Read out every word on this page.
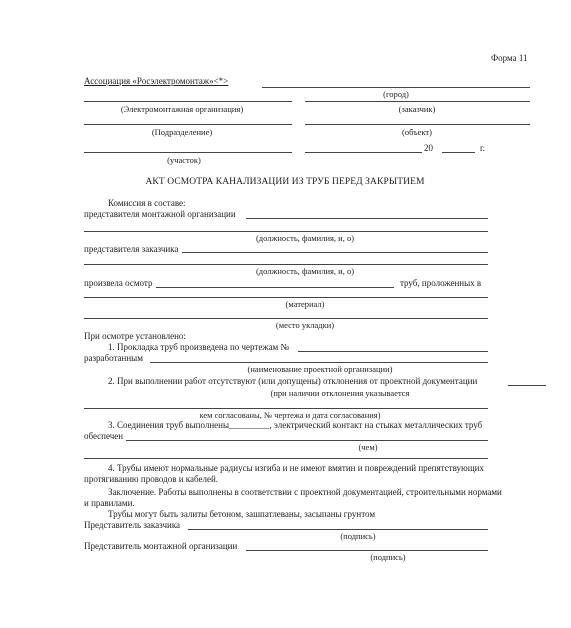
Форма 11
Ассоциация «Росэлектромонтаж»<*>
(город)
(Электромонтажная организация)	(заказчик)
(Подразделение)	(объект)
20	г.
(участок)
АКТ ОСМОТРА КАНАЛИЗАЦИИ ИЗ ТРУБ ПЕРЕД ЗАКРЫТИЕМ
Комиссия в составе:
представителя монтажной организации
(должность, фамилия, и, о)
представителя заказчика
(должность, фамилия, и, о)
произвела осмотр	труб, проложенных в
(материал)
(место укладки)
При осмотре установлено:
1. Прокладка труб произведена по чертежам №
разработанным
(наименование проектной организации)
2. При выполнении работ отсутствуют (или допущены) отклонения от проектной документации
(при наличии отклонения указывается
кем согласованы, № чертежа и дата согласования)
3. Соединения труб выполнены_________, электрический контакт на стыках металлических труб
обеспечен
(чем)
4. Трубы имеют нормальные радиусы изгиба и не имеют вмятин и повреждений препятствующих
протягиванию проводов и кабелей.
Заключение. Работы выполнены в соответствии с проектной документацией, строительными нормами
и правилами.
Трубы могут быть залиты бетоном, зашпатлеваны, засыпаны грунтом
Представитель заказчика
(подпись)
Представитель монтажной организации
(подпись)
